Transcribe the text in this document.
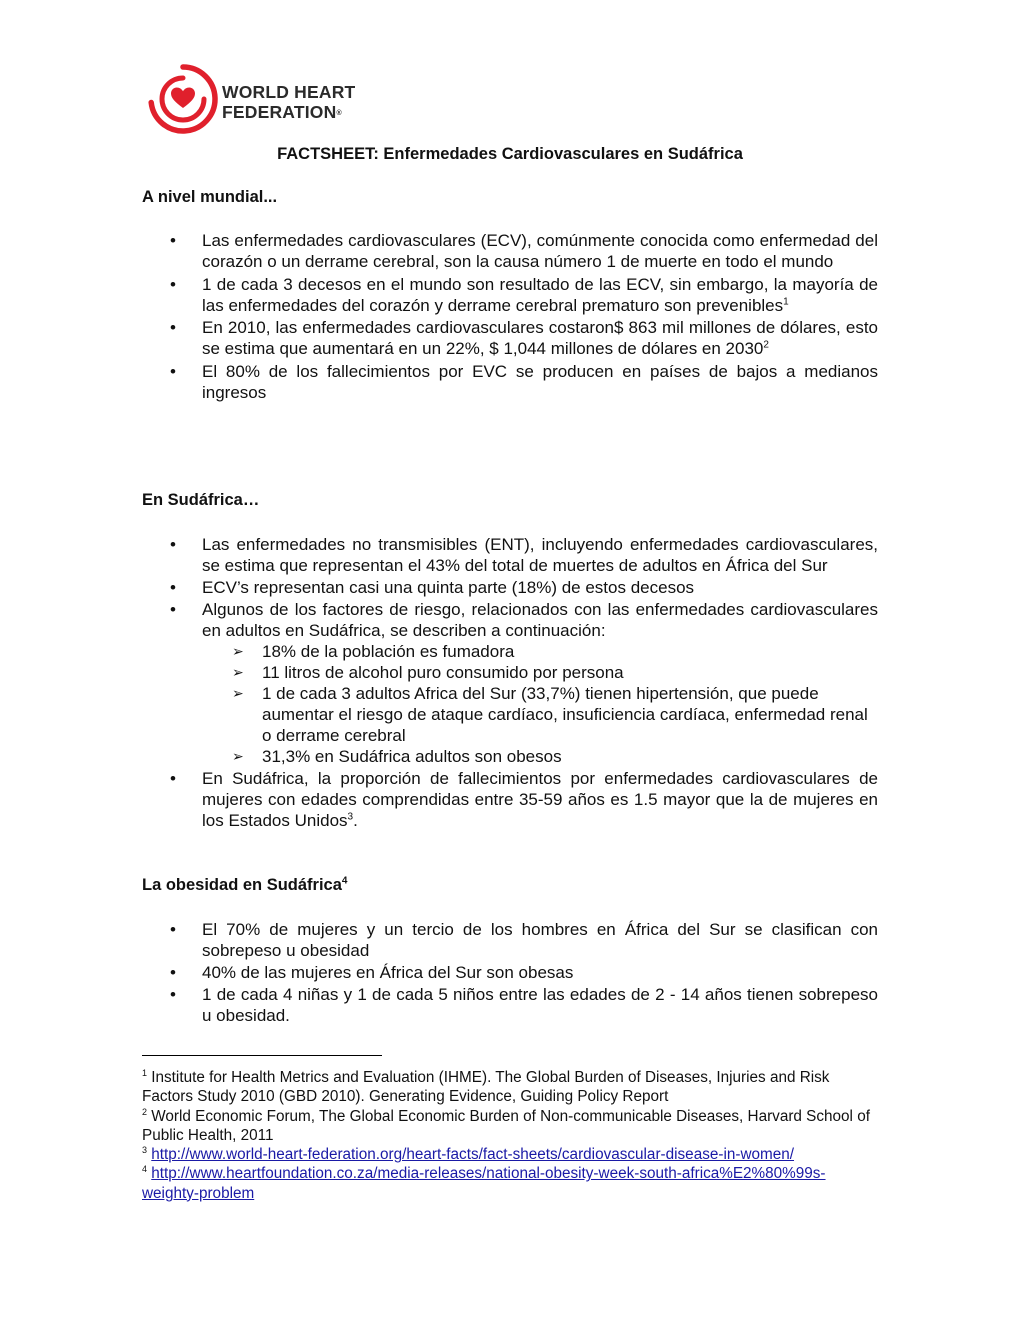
WORLD HEART
FEDERATION®
FACTSHEET: Enfermedades Cardiovasculares en Sudáfrica
A nivel mundial...
• Las enfermedades cardiovasculares (ECV), comúnmente conocida como enfermedad del corazón o un derrame cerebral, son la causa número 1 de muerte en todo el mundo
• 1 de cada 3 decesos en el mundo son resultado de las ECV, sin embargo, la mayoría de las enfermedades del corazón y derrame cerebral prematuro son prevenibles$^1$
• En 2010, las enfermedades cardiovasculares costaron$ 863 mil millones de dólares, esto se estima que aumentará en un 22%, $ 1,044 millones de dólares en 2030$^2$
• El 80% de los fallecimientos por EVC se producen en países de bajos a medianos ingresos
En Sudáfrica…
• Las enfermedades no transmisibles (ENT), incluyendo enfermedades cardiovasculares, se estima que representan el 43% del total de muertes de adultos en África del Sur
• ECV’s representan casi una quinta parte (18%) de estos decesos
• Algunos de los factores de riesgo, relacionados con las enfermedades cardiovasculares en adultos en Sudáfrica, se describen a continuación:
➢ 18% de la población es fumadora
➢ 11 litros de alcohol puro consumido por persona
➢ 1 de cada 3 adultos Africa del Sur (33,7%) tienen hipertensión, que puede aumentar el riesgo de ataque cardíaco, insuficiencia cardíaca, enfermedad renal o derrame cerebral
➢ 31,3% en Sudáfrica adultos son obesos
• En Sudáfrica, la proporción de fallecimientos por enfermedades cardiovasculares de mujeres con edades comprendidas entre 35-59 años es 1.5 mayor que la de mujeres en los Estados Unidos$^3$.
La obesidad en Sudáfrica$^4$
• El 70% de mujeres y un tercio de los hombres en África del Sur se clasifican con sobrepeso u obesidad
• 40% de las mujeres en África del Sur son obesas
• 1 de cada 4 niñas y 1 de cada 5 niños entre las edades de 2 - 14 años tienen sobrepeso u obesidad.

$^1$ Institute for Health Metrics and Evaluation (IHME). The Global Burden of Diseases, Injuries and Risk Factors Study 2010 (GBD 2010). Generating Evidence, Guiding Policy Report

$^2$ World Economic Forum, The Global Economic Burden of Non-communicable Diseases, Harvard School of Public Health, 2011

$^3$ http://www.world-heart-federation.org/heart-facts/fact-sheets/cardiovascular-disease-in-women/

$^4$ http://www.heartfoundation.co.za/media-releases/national-obesity-week-south-africa%E2%80%99s-weighty-problem
